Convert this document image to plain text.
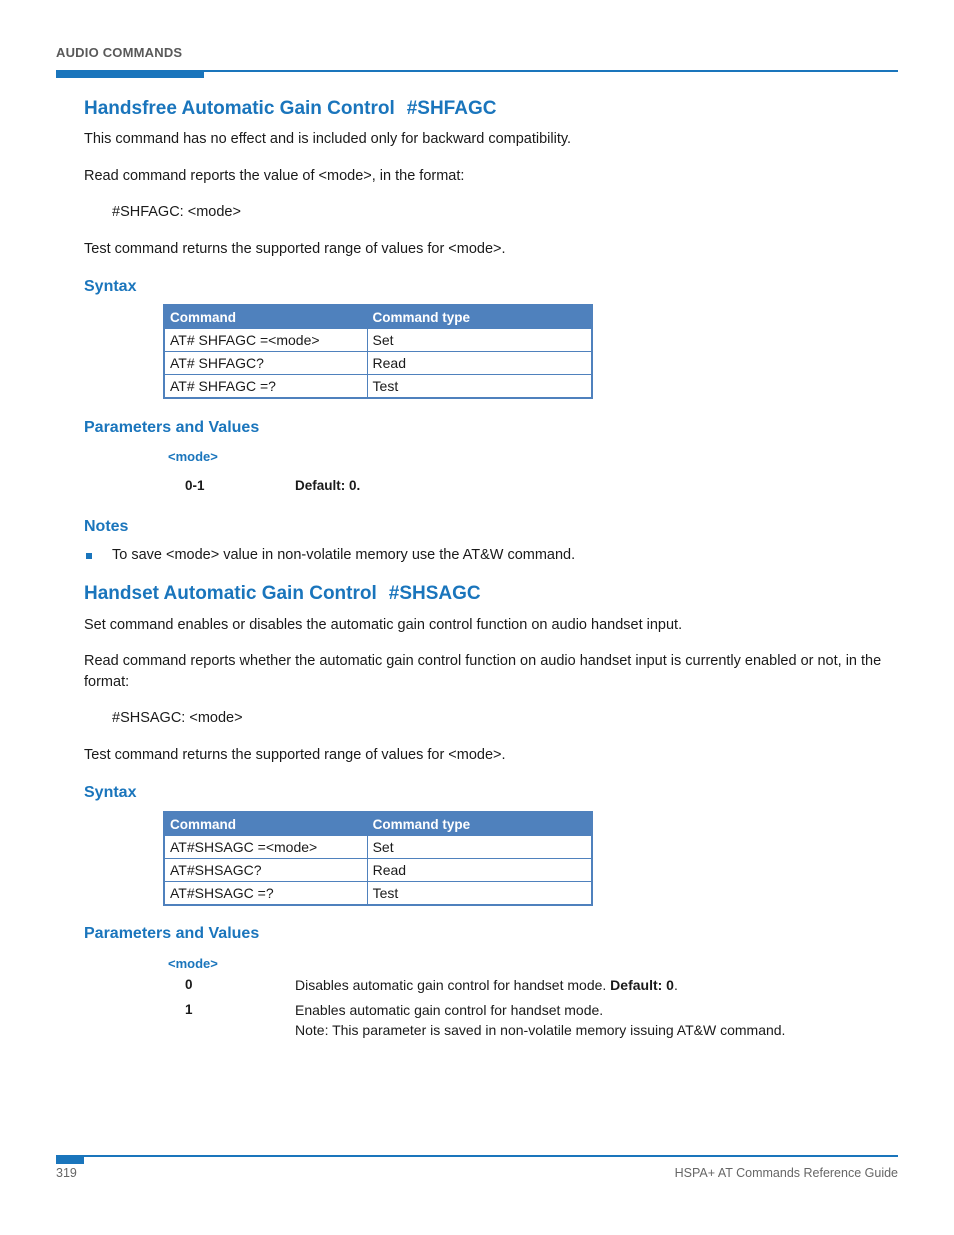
AUDIO COMMANDS
Handsfree Automatic Gain Control #SHFAGC
This command has no effect and is included only for backward compatibility.
Read command reports the value of <mode>, in the format:
#SHFAGC: <mode>
Test command returns the supported range of values for <mode>.
Syntax
Command	Command type
AT# SHFAGC =<mode>	Set
AT# SHFAGC?	Read
AT# SHFAGC =?	Test
Parameters and Values
<mode>
0-1	Default: 0.
Notes
To save <mode> value in non-volatile memory use the AT&W command.
Handset Automatic Gain Control #SHSAGC
Set command enables or disables the automatic gain control function on audio handset input.
Read command reports whether the automatic gain control function on audio handset input is currently enabled or not, in the format:
#SHSAGC: <mode>
Test command returns the supported range of values for <mode>.
Syntax
Command	Command type
AT#SHSAGC =<mode>	Set
AT#SHSAGC?	Read
AT#SHSAGC =?	Test
Parameters and Values
<mode>
0	Disables automatic gain control for handset mode. Default: 0.
1	Enables automatic gain control for handset mode.
Note: This parameter is saved in non-volatile memory issuing AT&W command.
319	HSPA+ AT Commands Reference Guide
